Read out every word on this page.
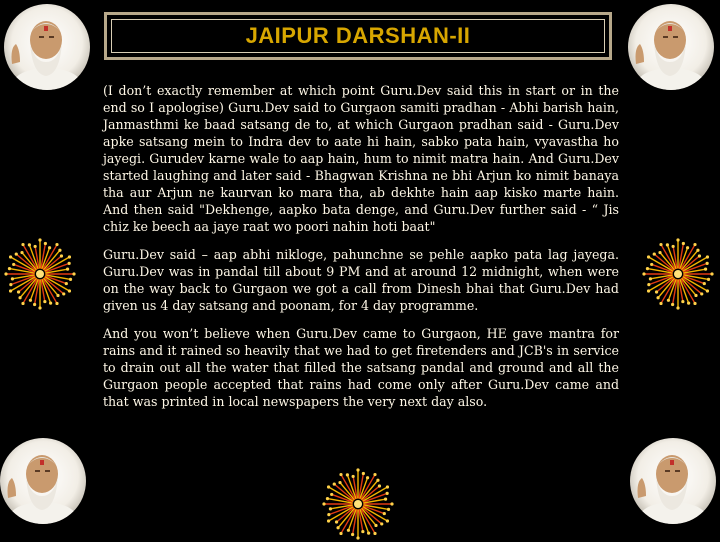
JAIPUR DARSHAN-II

(I don’t exactly remember at which point Guru.Dev said this in start or in the end so I apologise) Guru.Dev said to Gurgaon samiti pradhan - Abhi barish hain, Janmasthmi ke baad satsang de to, at which Gurgaon pradhan said - Guru.Dev apke satsang mein to Indra dev to aate hi hain, sabko pata hain, vyavastha ho jayegi. Gurudev karne wale to aap hain, hum to nimit matra hain. And Guru.Dev started laughing and later said - Bhagwan Krishna ne bhi Arjun ko nimit banaya tha aur Arjun ne kaurvan ko mara tha, ab dekhte hain aap kisko marte hain. And then said "Dekhenge, aapko bata denge, and Guru.Dev further said - “ Jis chiz ke beech aa jaye raat wo poori nahin hoti baat"

Guru.Dev said – aap abhi nikloge, pahunchne se pehle aapko pata lag jayega. Guru.Dev was in pandal till about 9 PM and at around 12 midnight, when were on the way back to Gurgaon we got a call from Dinesh bhai that Guru.Dev had given us 4 day satsang and poonam, for 4 day programme.

And you won’t believe when Guru.Dev came to Gurgaon, HE gave mantra for rains and it rained so heavily that we had to get firetenders and JCB's in service to drain out all the water that filled the satsang pandal and ground and all the Gurgaon people accepted that rains had come only after Guru.Dev came and that was printed in local newspapers the very next day also.
